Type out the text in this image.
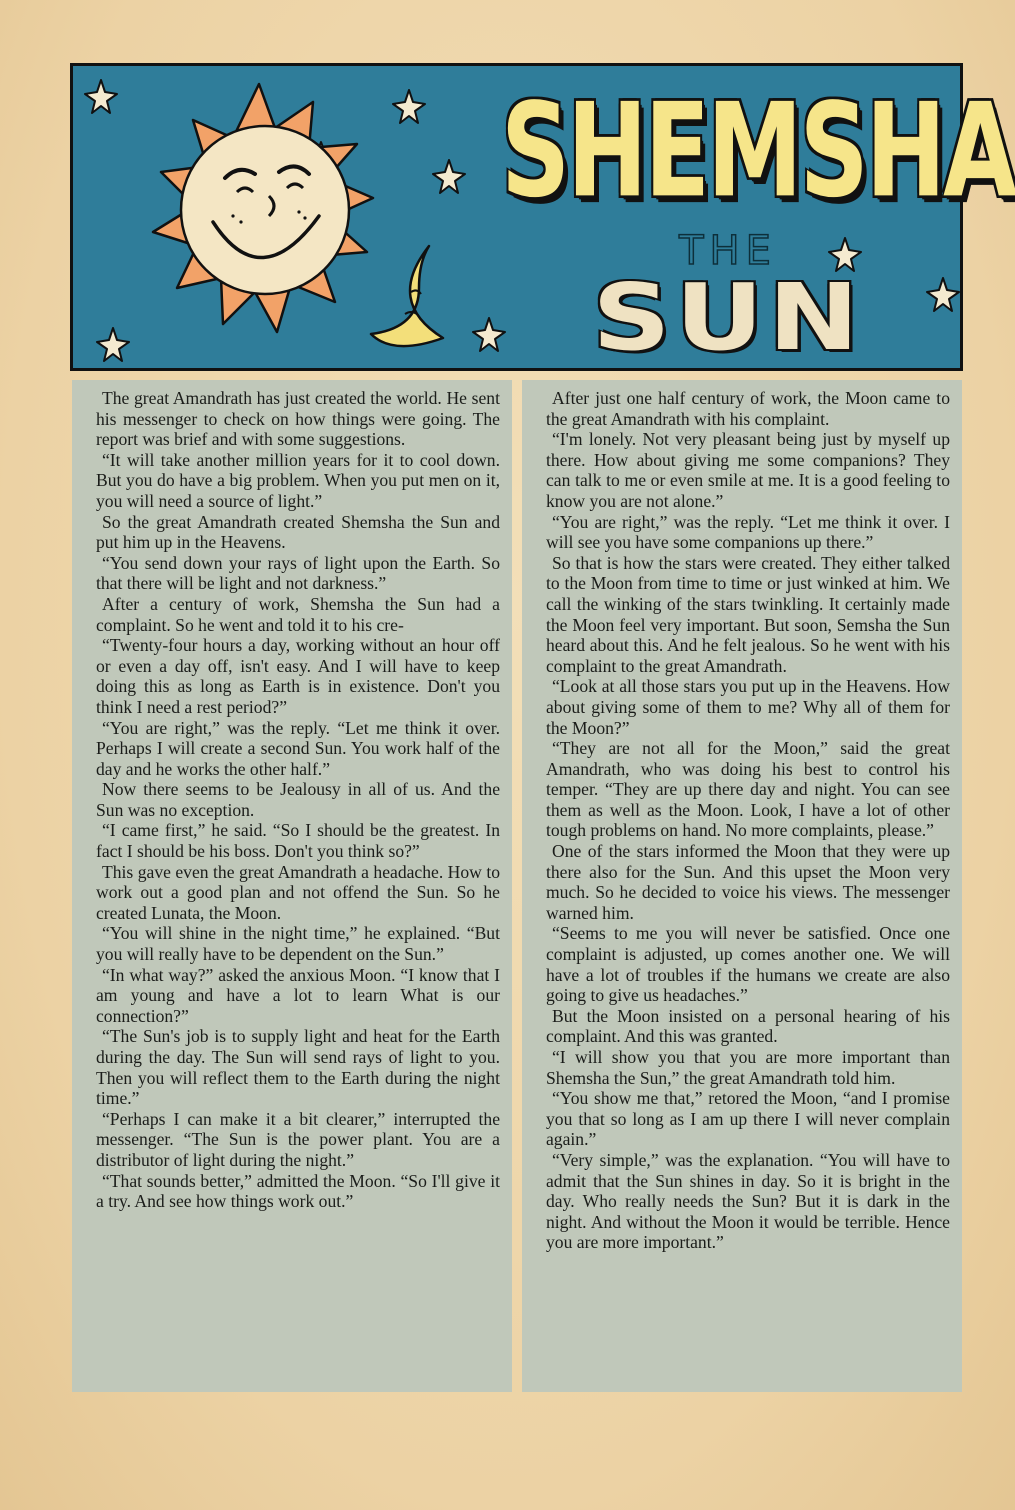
SHEMSHA
THE
SUN

The great Amandrath has just created the world. He sent his messenger to check on how things were going. The report was brief and with some suggestions.

“It will take another million years for it to cool down. But you do have a big problem. When you put men on it, you will need a source of light.”

So the great Amandrath created Shemsha the Sun and put him up in the Heavens.

“You send down your rays of light upon the Earth. So that there will be light and not darkness.”

After a century of work, Shemsha the Sun had a complaint. So he went and told it to his cre-

“Twenty-four hours a day, working without an hour off or even a day off, isn't easy. And I will have to keep doing this as long as Earth is in existence. Don't you think I need a rest period?”

“You are right,” was the reply. “Let me think it over. Perhaps I will create a second Sun. You work half of the day and he works the other half.”

Now there seems to be Jealousy in all of us. And the Sun was no exception.

“I came first,” he said. “So I should be the greatest. In fact I should be his boss. Don't you think so?”

This gave even the great Amandrath a headache. How to work out a good plan and not offend the Sun. So he created Lunata, the Moon.

“You will shine in the night time,” he explained. “But you will really have to be dependent on the Sun.”

“In what way?” asked the anxious Moon. “I know that I am young and have a lot to learn What is our connection?”

“The Sun's job is to supply light and heat for the Earth during the day. The Sun will send rays of light to you. Then you will reflect them to the Earth during the night time.”

“Perhaps I can make it a bit clearer,” interrupted the messenger. “The Sun is the power plant. You are a distributor of light during the night.”

“That sounds better,” admitted the Moon. “So I'll give it a try. And see how things work out.”

After just one half century of work, the Moon came to the great Amandrath with his complaint.

“I'm lonely. Not very pleasant being just by myself up there. How about giving me some companions? They can talk to me or even smile at me. It is a good feeling to know you are not alone.”

“You are right,” was the reply. “Let me think it over. I will see you have some companions up there.”

So that is how the stars were created. They either talked to the Moon from time to time or just winked at him. We call the winking of the stars twinkling. It certainly made the Moon feel very important. But soon, Semsha the Sun heard about this. And he felt jealous. So he went with his complaint to the great Amandrath.

“Look at all those stars you put up in the Heavens. How about giving some of them to me? Why all of them for the Moon?”

“They are not all for the Moon,” said the great Amandrath, who was doing his best to control his temper. “They are up there day and night. You can see them as well as the Moon. Look, I have a lot of other tough problems on hand. No more complaints, please.”

One of the stars informed the Moon that they were up there also for the Sun. And this upset the Moon very much. So he decided to voice his views. The messenger warned him.

“Seems to me you will never be satisfied. Once one complaint is adjusted, up comes another one. We will have a lot of troubles if the humans we create are also going to give us headaches.”

But the Moon insisted on a personal hearing of his complaint. And this was granted.

“I will show you that you are more important than Shemsha the Sun,” the great Amandrath told him.

“You show me that,” retored the Moon, “and I promise you that so long as I am up there I will never complain again.”

“Very simple,” was the explanation. “You will have to admit that the Sun shines in day. So it is bright in the day. Who really needs the Sun? But it is dark in the night. And without the Moon it would be terrible. Hence you are more important.”
